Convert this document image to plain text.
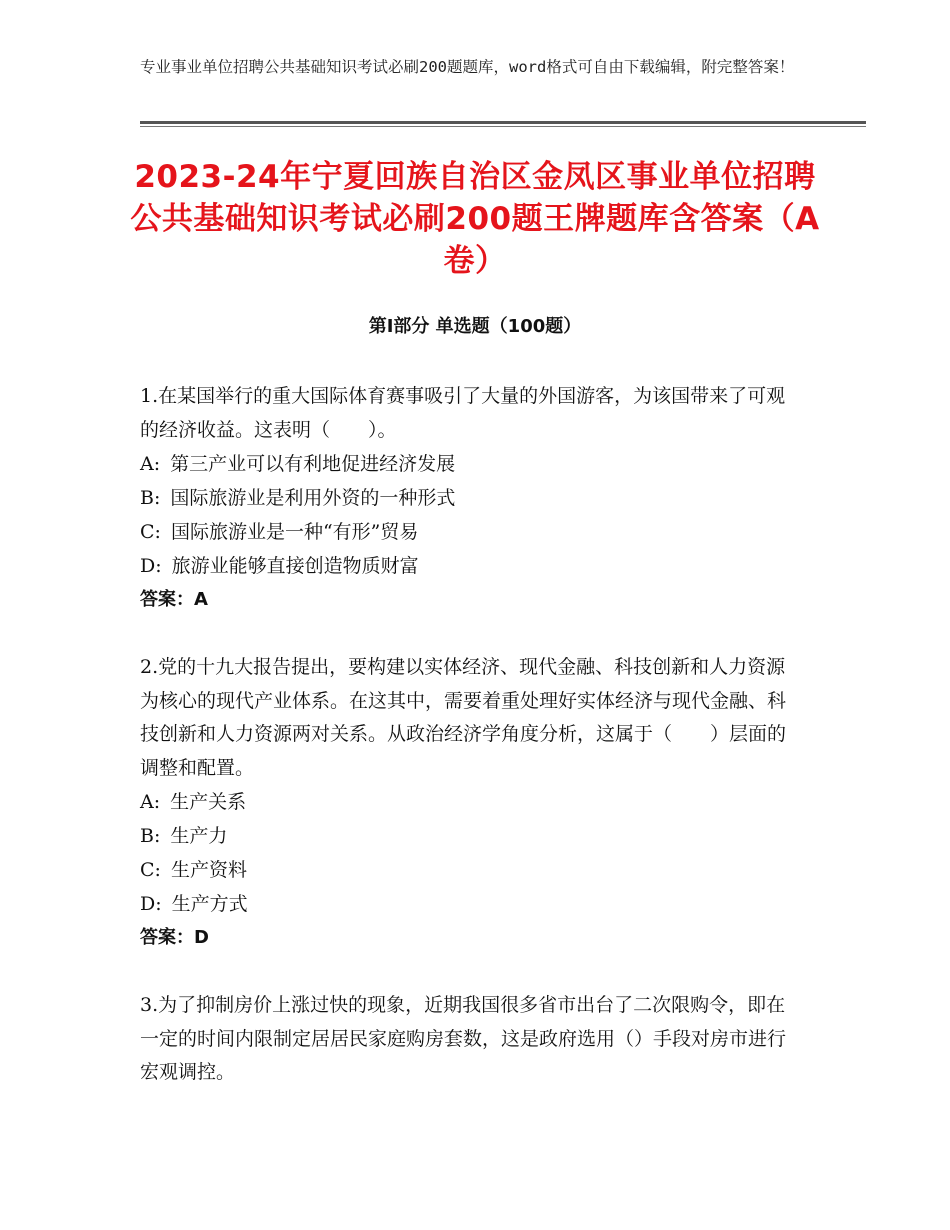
专业事业单位招聘公共基础知识考试必刷200题题库，word格式可自由下载编辑，附完整答案！
2023-24年宁夏回族自治区金凤区事业单位招聘公共基础知识考试必刷200题王牌题库含答案（A卷）
第Ⅰ部分 单选题（100题）

1.在某国举行的重大国际体育赛事吸引了大量的外国游客，为该国带来了可观的经济收益。这表明（　　）。

A: 第三产业可以有利地促进经济发展

B: 国际旅游业是利用外资的一种形式

C: 国际旅游业是一种“有形”贸易

D: 旅游业能够直接创造物质财富

答案：A

2.党的十九大报告提出，要构建以实体经济、现代金融、科技创新和人力资源为核心的现代产业体系。在这其中，需要着重处理好实体经济与现代金融、科技创新和人力资源两对关系。从政治经济学角度分析，这属于（　　）层面的调整和配置。

A: 生产关系

B: 生产力

C: 生产资料

D: 生产方式

答案：D

3.为了抑制房价上涨过快的现象，近期我国很多省市出台了二次限购令，即在一定的时间内限制定居居民家庭购房套数，这是政府选用（）手段对房市进行宏观调控。
